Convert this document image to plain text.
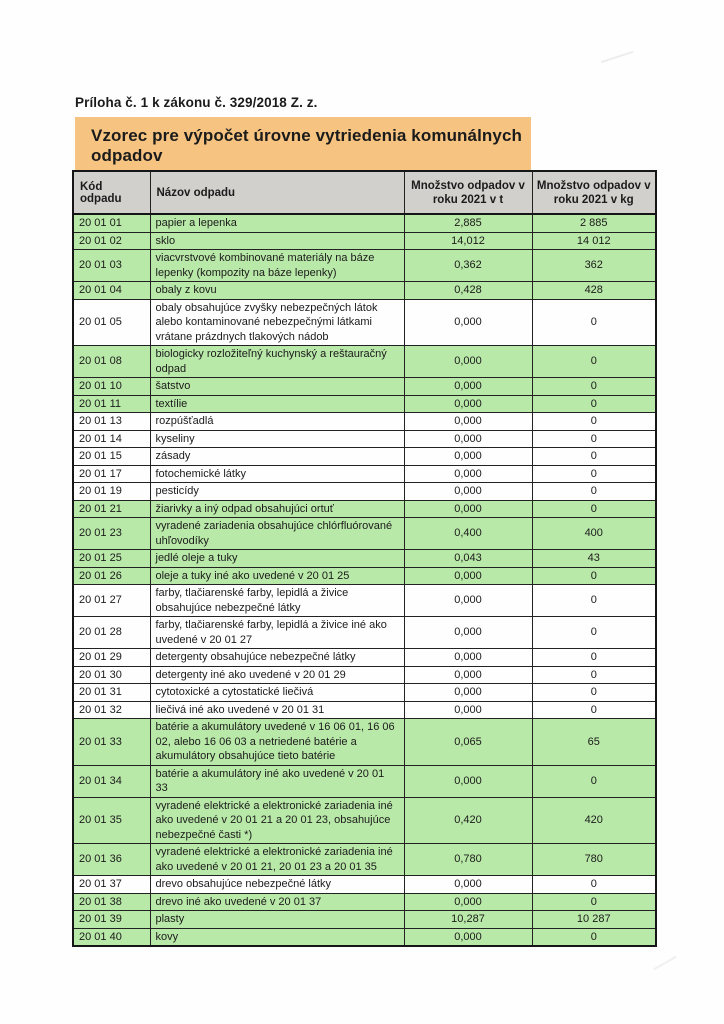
Príloha č. 1 k zákonu č. 329/2018 Z. z.
Vzorec pre výpočet úrovne vytriedenia komunálnych odpadov
Kód odpadu	Názov odpadu	Množstvo odpadov v roku 2021 v t	Množstvo odpadov v roku 2021 v kg
20 01 01	papier a lepenka	2,885	2 885
20 01 02	sklo	14,012	14 012
20 01 03	viacvrstvové kombinované materiály na báze lepenky (kompozity na báze lepenky)	0,362	362
20 01 04	obaly z kovu	0,428	428
20 01 05	obaly obsahujúce zvyšky nebezpečných látok alebo kontaminované nebezpečnými látkami vrátane prázdnych tlakových nádob	0,000	0
20 01 08	biologicky rozložiteľný kuchynský a reštauračný odpad	0,000	0
20 01 10	šatstvo	0,000	0
20 01 11	textílie	0,000	0
20 01 13	rozpúšťadlá	0,000	0
20 01 14	kyseliny	0,000	0
20 01 15	zásady	0,000	0
20 01 17	fotochemické látky	0,000	0
20 01 19	pesticídy	0,000	0
20 01 21	žiarivky a iný odpad obsahujúci ortuť	0,000	0
20 01 23	vyradené zariadenia obsahujúce chlórfluórované uhľovodíky	0,400	400
20 01 25	jedlé oleje a tuky	0,043	43
20 01 26	oleje a tuky iné ako uvedené v 20 01 25	0,000	0
20 01 27	farby, tlačiarenské farby, lepidlá a živice obsahujúce nebezpečné látky	0,000	0
20 01 28	farby, tlačiarenské farby, lepidlá a živice iné ako uvedené v 20 01 27	0,000	0
20 01 29	detergenty obsahujúce nebezpečné látky	0,000	0
20 01 30	detergenty iné ako uvedené v 20 01 29	0,000	0
20 01 31	cytotoxické a cytostatické liečivá	0,000	0
20 01 32	liečivá iné ako uvedené v 20 01 31	0,000	0
20 01 33	batérie a akumulátory uvedené v 16 06 01, 16 06 02, alebo 16 06 03 a netriedené batérie a akumulátory obsahujúce tieto batérie	0,065	65
20 01 34	batérie a akumulátory iné ako uvedené v 20 01 33	0,000	0
20 01 35	vyradené elektrické a elektronické zariadenia iné ako uvedené v 20 01 21 a 20 01 23, obsahujúce nebezpečné časti *)	0,420	420
20 01 36	vyradené elektrické a elektronické zariadenia iné ako uvedené v 20 01 21, 20 01 23 a 20 01 35	0,780	780
20 01 37	drevo obsahujúce nebezpečné látky	0,000	0
20 01 38	drevo iné ako uvedené v 20 01 37	0,000	0
20 01 39	plasty	10,287	10 287
20 01 40	kovy	0,000	0
